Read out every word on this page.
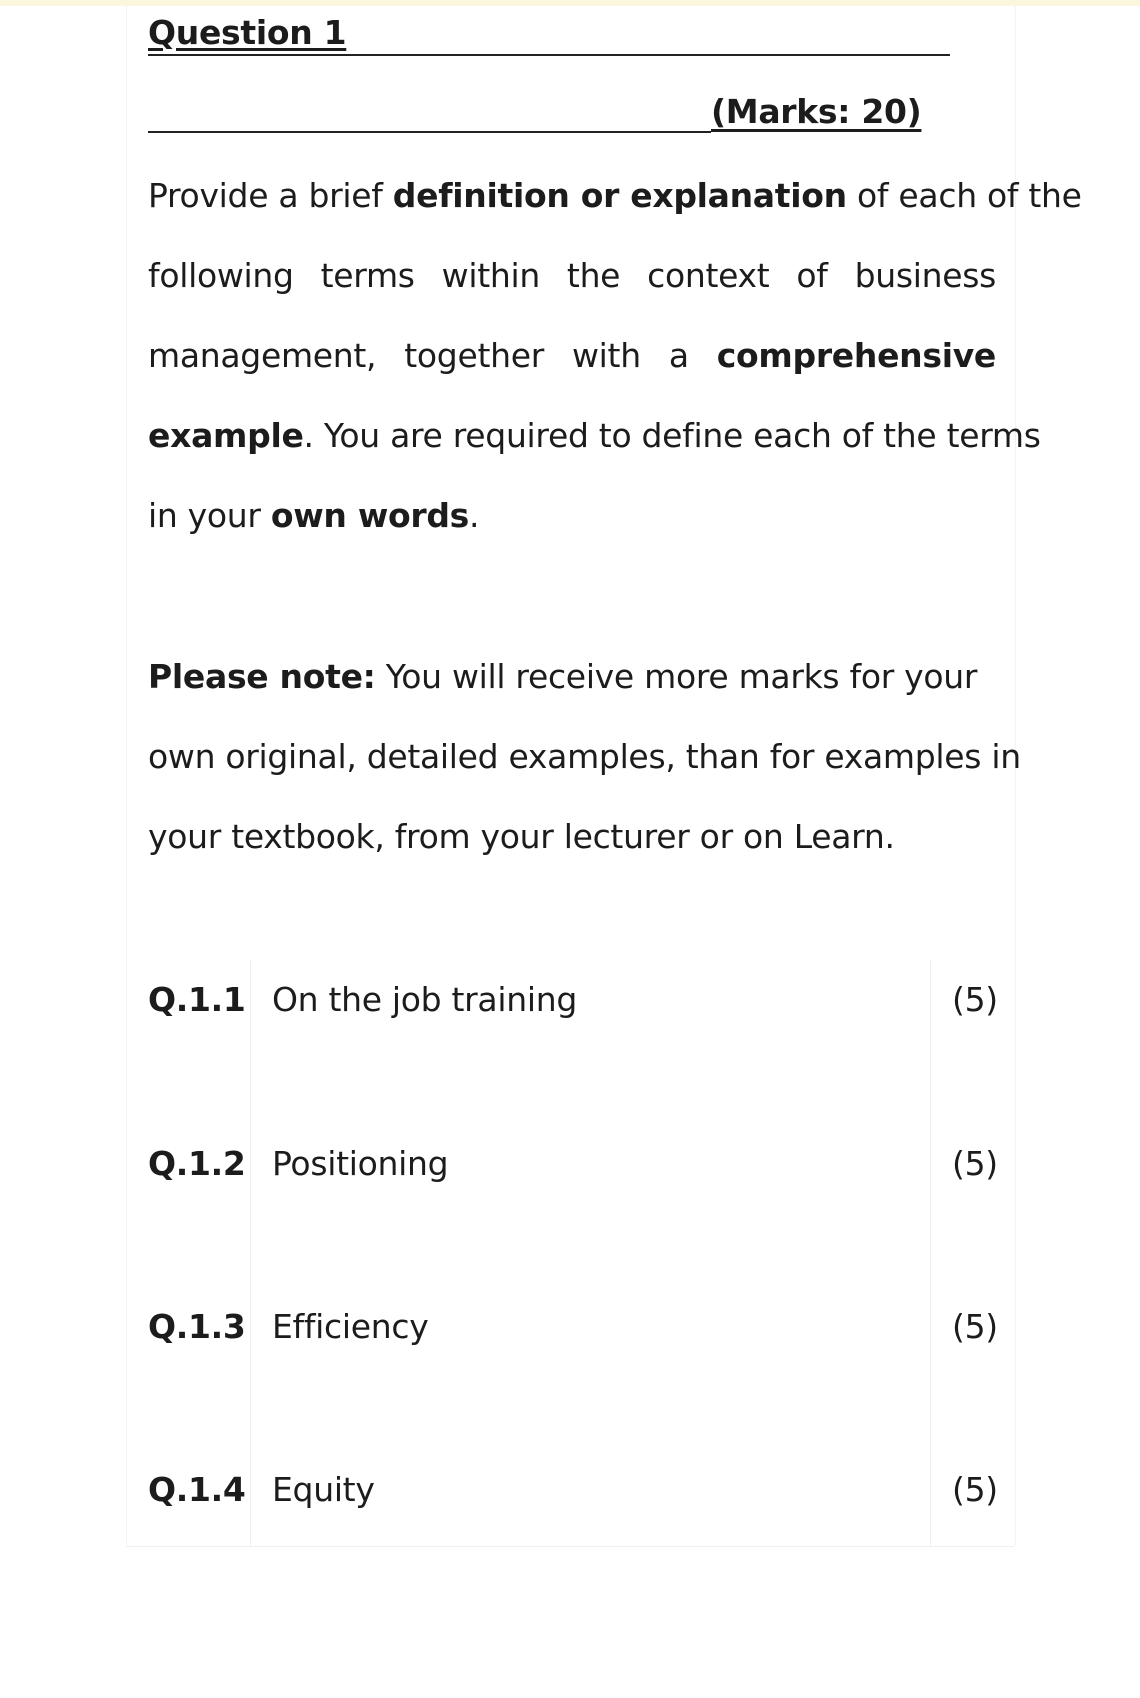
Question 1
(Marks: 20)
Provide a brief definition or explanation of each of the
following terms within the context of business
management, together with a comprehensive
example. You are required to define each of the terms
in your own words.
Please note: You will receive more marks for your
own original, detailed examples, than for examples in
your textbook, from your lecturer or on Learn.
Q.1.1 On the job training	(5)
Q.1.2 Positioning	(5)
Q.1.3 Efficiency	(5)
Q.1.4 Equity	(5)
